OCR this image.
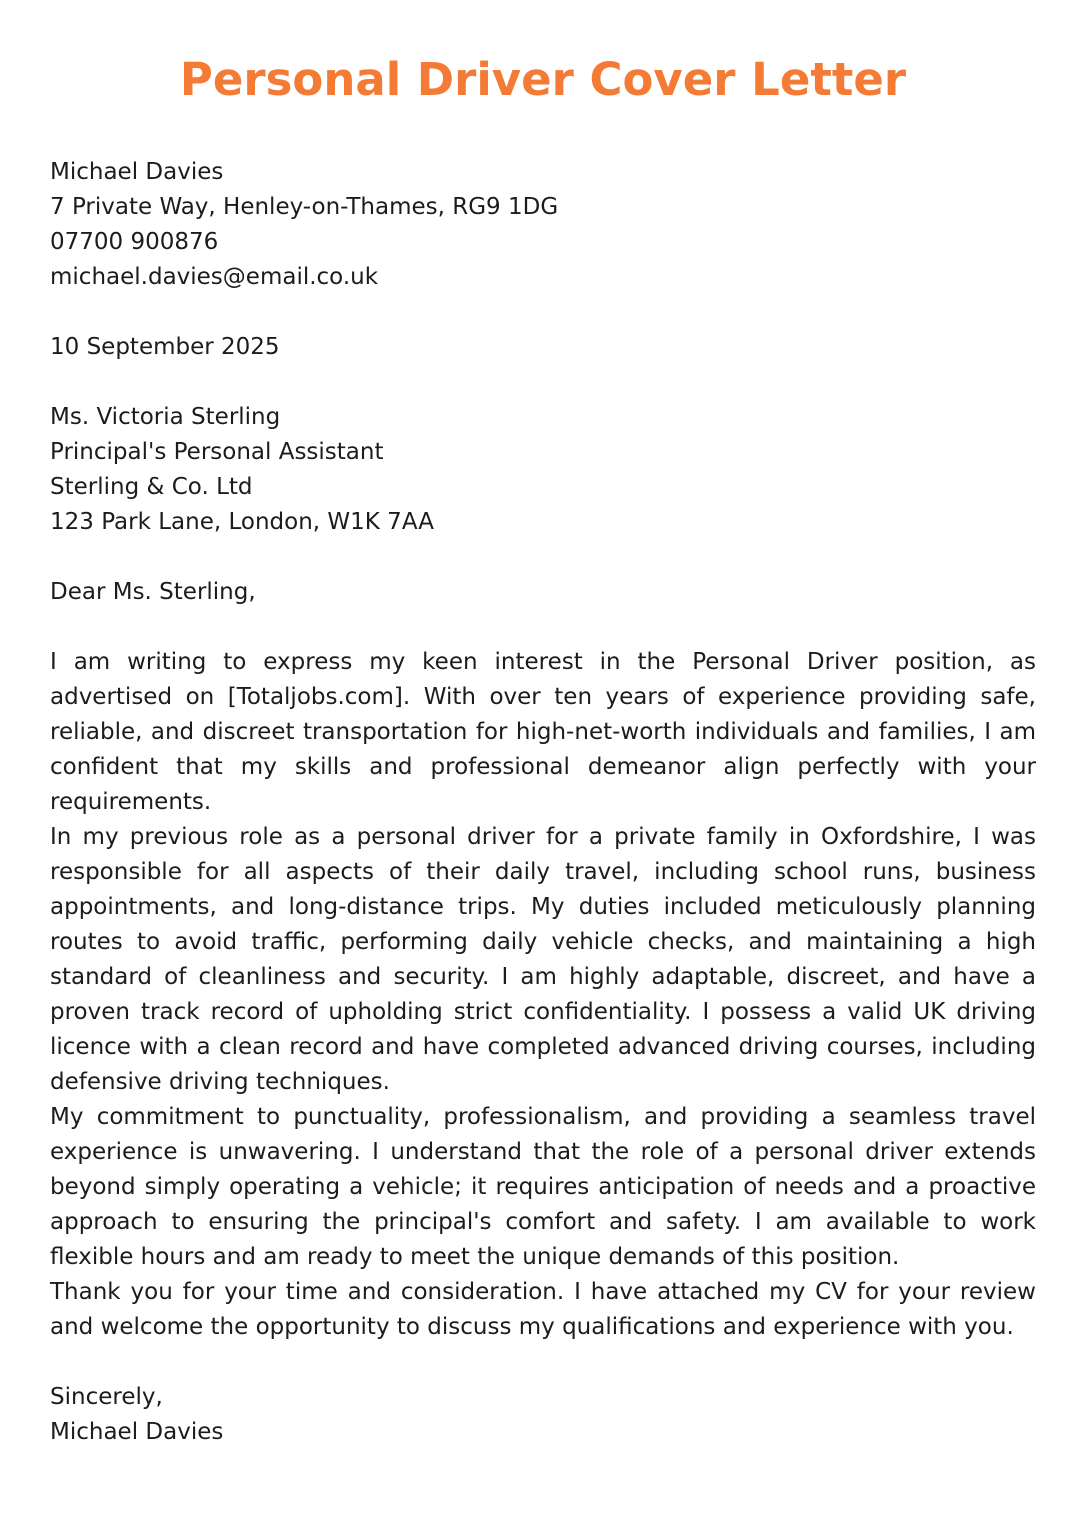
Personal Driver Cover Letter
Michael Davies
7 Private Way, Henley-on-Thames, RG9 1DG
07700 900876
michael.davies@email.co.uk
10 September 2025
Ms. Victoria Sterling
Principal's Personal Assistant
Sterling & Co. Ltd
123 Park Lane, London, W1K 7AA
Dear Ms. Sterling,

I am writing to express my keen interest in the Personal Driver position, as advertised on [Totaljobs.com]. With over ten years of experience providing safe, reliable, and discreet transportation for high-net-worth individuals and families, I am confident that my skills and professional demeanor align perfectly with your requirements.

In my previous role as a personal driver for a private family in Oxfordshire, I was responsible for all aspects of their daily travel, including school runs, business appointments, and long-distance trips. My duties included meticulously planning routes to avoid traffic, performing daily vehicle checks, and maintaining a high standard of cleanliness and security. I am highly adaptable, discreet, and have a proven track record of upholding strict confidentiality. I possess a valid UK driving licence with a clean record and have completed advanced driving courses, including defensive driving techniques.

My commitment to punctuality, professionalism, and providing a seamless travel experience is unwavering. I understand that the role of a personal driver extends beyond simply operating a vehicle; it requires anticipation of needs and a proactive approach to ensuring the principal's comfort and safety. I am available to work flexible hours and am ready to meet the unique demands of this position.

Thank you for your time and consideration. I have attached my CV for your review and welcome the opportunity to discuss my qualifications and experience with you.

Sincerely,
Michael Davies
